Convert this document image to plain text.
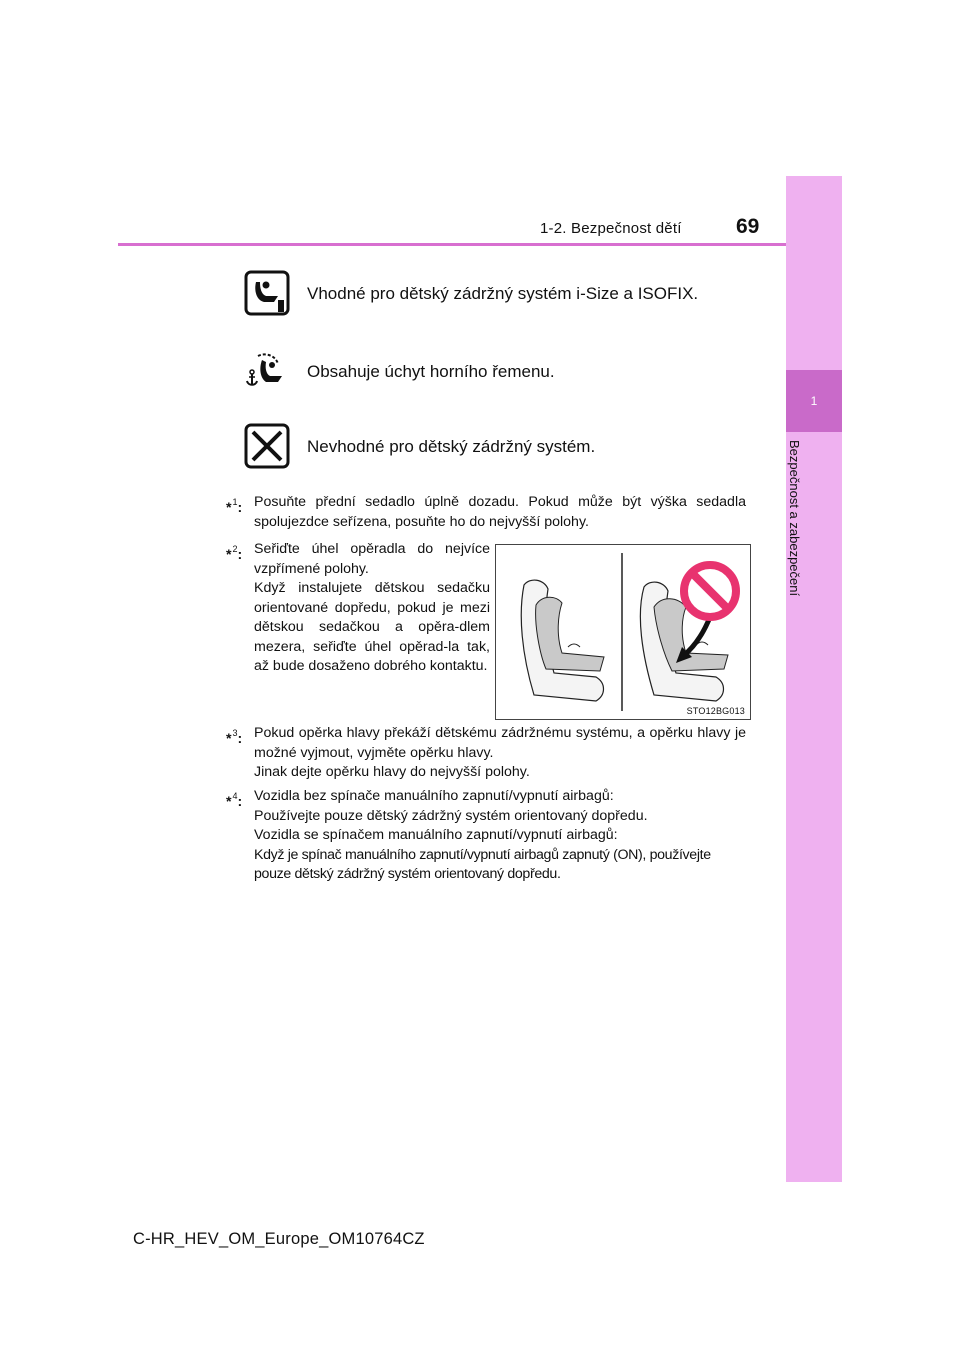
1-2. Bezpečnost dětí	69
1
Bezpečnost a zabezpečení
Vhodné pro dětský zádržný systém i-Size a ISOFIX.
Obsahuje úchyt horního řemenu.
Nevhodné pro dětský zádržný systém.
*$^1$: Posuňte přední sedadlo úplně dozadu. Pokud může být výška sedadla spolujezdce seřízena, posuňte ho do nejvyšší polohy.

*$^2$: Seřiďte úhel opěradla do nejvíce vzpřímené polohy.

Když instalujete dětskou sedačku orientované dopředu, pokud je mezi dětskou sedačkou a opěra-dlem mezera, seřiďte úhel opěrad-la tak, až bude dosaženo dobrého kontaktu.

STO12BG013
*$^3$: Pokud opěrka hlavy překáží dětskému zádržnému systému, a opěrku hlavy je možné vyjmout, vyjměte opěrku hlavy.

Jinak dejte opěrku hlavy do nejvyšší polohy.

*$^4$: Vozidla bez spínače manuálního zapnutí/vypnutí airbagů:

Používejte pouze dětský zádržný systém orientovaný dopředu.

Vozidla se spínačem manuálního zapnutí/vypnutí airbagů:

Když je spínač manuálního zapnutí/vypnutí airbagů zapnutý (ON), používejte pouze dětský zádržný systém orientovaný dopředu.

C-HR_HEV_OM_Europe_OM10764CZ
